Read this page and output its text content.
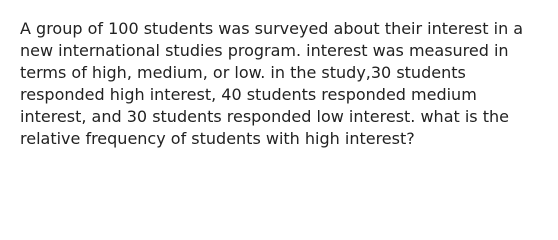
A group of 100 students was surveyed about their interest in a
new international studies program. interest was measured in
terms of high, medium, or low. in the study,30 students
responded high interest, 40 students responded medium
interest, and 30 students responded low interest. what is the
relative frequency of students with high interest?
